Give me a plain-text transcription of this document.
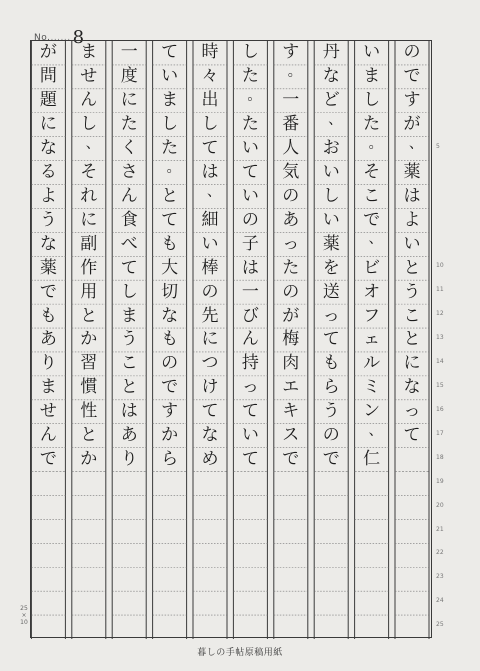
No....... 8
の
で
す
が
、
薬
は
よ
い
と
う
こ
と
に
な
っ
て
い
ま
し
た
。
そ
こ
で
、
ビ
オ
フ
ェ
ル
ミ
ン
、
仁
丹
な
ど
、
お
い
し
い
薬
を
送
っ
て
も
ら
う
の
で
す
。
一
番
人
気
の
あ
っ
た
の
が
梅
肉
エ
キ
ス
で
し
た
。
た
い
て
い
の
子
は
一
び
ん
持
っ
て
い
て
時
々
出
し
て
は
、
細
い
棒
の
先
に
つ
け
て
な
め
て
い
ま
し
た
。
と
て
も
大
切
な
も
の
で
す
か
ら
一
度
に
た
く
さ
ん
食
べ
て
し
ま
う
こ
と
は
あ
り
ま
せ
ん
し
、
そ
れ
に
副
作
用
と
か
習
慣
性
と
か
が
問
題
に
な
る
よ
う
な
薬
で
も
あ
り
ま
せ
ん
で
5
10
11
12
13
14
15
16
17
18
19
20
21
22
23
24
25
25
×
10
暮しの手帖原稿用紙
